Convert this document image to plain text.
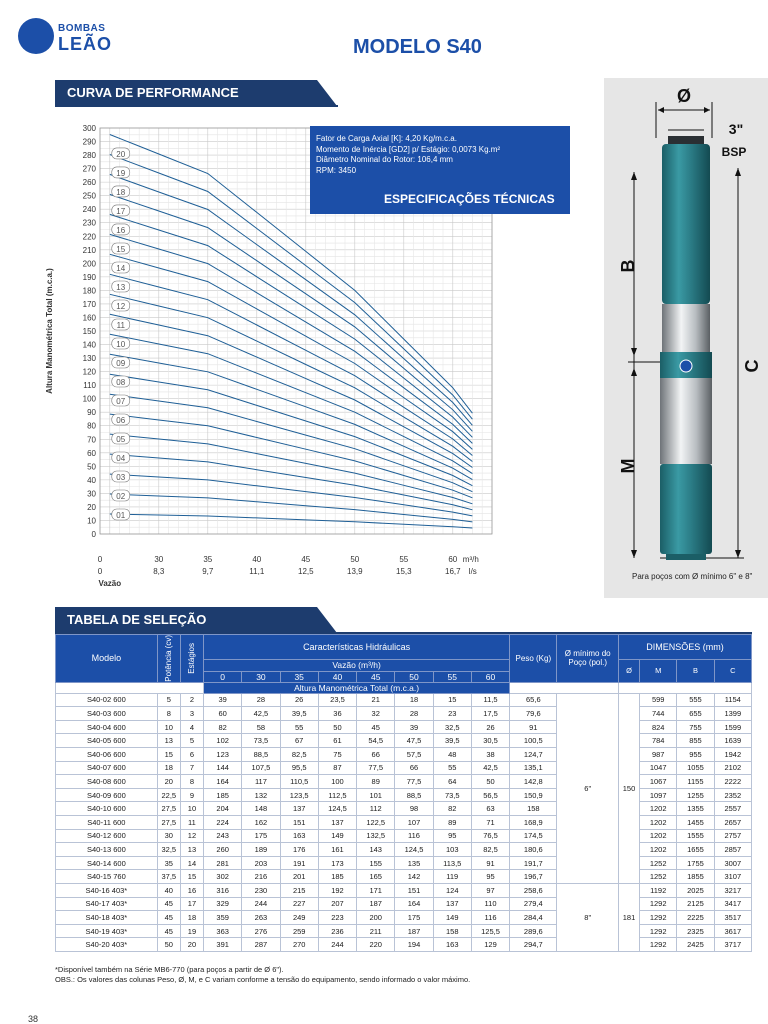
BOMBAS
LEÃO	MODELO S40
CURVA DE PERFORMANCE
0
10
20
30
40
50
60
70
80
90
100
110
120
130
140
150
160
170
180
190
200
210
220
230
240
250
260
270
280
290
300
30
8,3
35
9,7
40
11,1
45
12,5
50
13,9
55
15,3
60
16,7
0
0
m³/h
l/s
Vazão
Altura Manométrica Total (m.c.a.)
01
02
03
04
05
06
07
08
09
10
11
12
13
14
15
16
17
18
19
20
Fator de Carga Axial [K]: 4,20 Kg/m.c.a.
Momento de Inércia [GD2] p/ Estágio: 0,0073 Kg.m²
Diâmetro Nominal do Rotor: 106,4 mm
RPM: 3450
ESPECIFICAÇÕES TÉCNICAS
Ø
3"
BSP
B
C
M
Para poços com Ø mínimo 6" e 8"
TABELA DE SELEÇÃO
Modelo	Potência (cv)	Estágios	Características Hidráulicas								Peso (Kg)	Ø mínimo do Poço (pol.)	DIMENSÕES (mm)			
			Vazão (m³/h)										Ø	M	B	C
			0	30	35	40	45	50	55	60						
			Altura Manométrica Total (m.c.a.)													
S40-02 600	5	2	39	28	26	23,5	21	18	15	11,5	65,6	6"	150	599	555	1154
S40-03 600	8	3	60	42,5	39,5	36	32	28	23	17,5	79,6			744	655	1399
S40-04 600	10	4	82	58	55	50	45	39	32,5	26	91			824	755	1599
S40-05 600	13	5	102	73,5	67	61	54,5	47,5	39,5	30,5	100,5			784	855	1639
S40-06 600	15	6	123	88,5	82,5	75	66	57,5	48	38	124,7			987	955	1942
S40-07 600	18	7	144	107,5	95,5	87	77,5	66	55	42,5	135,1			1047	1055	2102
S40-08 600	20	8	164	117	110,5	100	89	77,5	64	50	142,8			1067	1155	2222
S40-09 600	22,5	9	185	132	123,5	112,5	101	88,5	73,5	56,5	150,9			1097	1255	2352
S40-10 600	27,5	10	204	148	137	124,5	112	98	82	63	158			1202	1355	2557
S40-11 600	27,5	11	224	162	151	137	122,5	107	89	71	168,9			1202	1455	2657
S40-12 600	30	12	243	175	163	149	132,5	116	95	76,5	174,5			1202	1555	2757
S40-13 600	32,5	13	260	189	176	161	143	124,5	103	82,5	180,6			1202	1655	2857
S40-14 600	35	14	281	203	191	173	155	135	113,5	91	191,7			1252	1755	3007
S40-15 760	37,5	15	302	216	201	185	165	142	119	95	196,7			1252	1855	3107
S40-16 403*	40	16	316	230	215	192	171	151	124	97	258,6	8"	181	1192	2025	3217
S40-17 403*	45	17	329	244	227	207	187	164	137	110	279,4			1292	2125	3417
S40-18 403*	45	18	359	263	249	223	200	175	149	116	284,4			1292	2225	3517
S40-19 403*	45	19	363	276	259	236	211	187	158	125,5	289,6			1292	2325	3617
S40-20 403*	50	20	391	287	270	244	220	194	163	129	294,7			1292	2425	3717
*Disponível também na Série MB6-770 (para poços a partir de Ø 6").
OBS.: Os valores das colunas Peso, Ø, M, e C variam conforme a tensão do equipamento, sendo informado o valor máximo.
38
